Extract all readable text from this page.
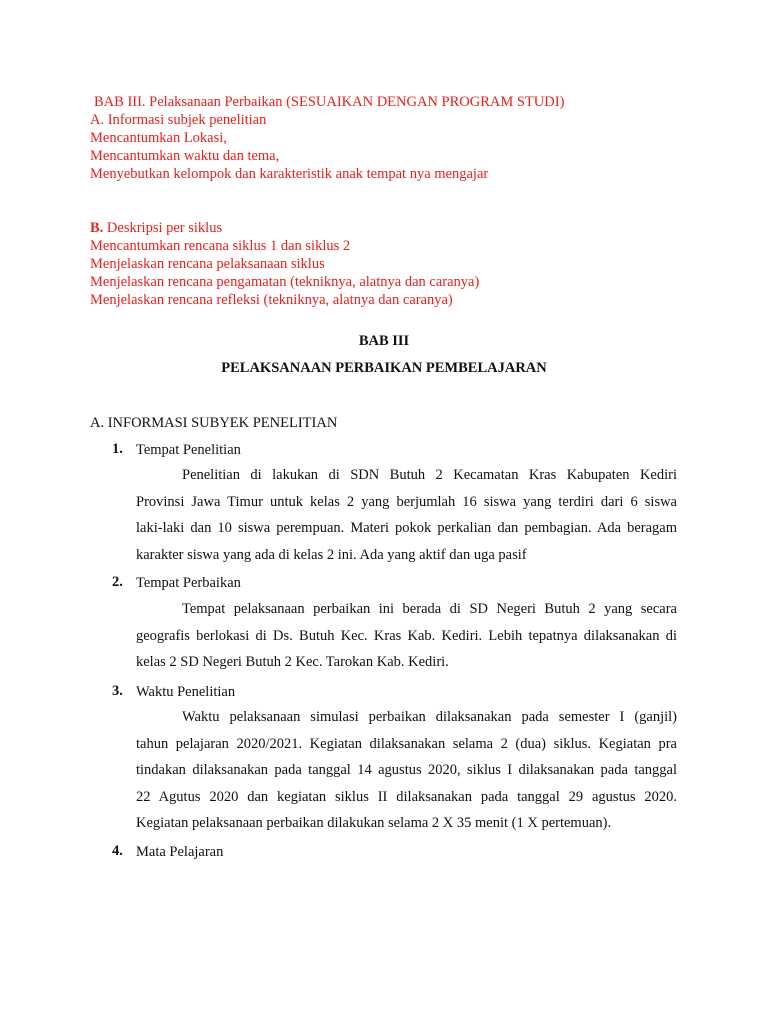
BAB III. Pelaksanaan Perbaikan (SESUAIKAN DENGAN PROGRAM STUDI)
A. Informasi subjek penelitian
Mencantumkan Lokasi,
Mencantumkan waktu dan tema,
Menyebutkan kelompok dan karakteristik anak tempat nya mengajar
B. Deskripsi per siklus
Mencantumkan rencana siklus 1 dan siklus 2
Menjelaskan rencana pelaksanaan siklus
Menjelaskan rencana pengamatan (tekniknya, alatnya dan caranya)
Menjelaskan rencana refleksi (tekniknya, alatnya dan caranya)
BAB III
PELAKSANAAN PERBAIKAN PEMBELAJARAN
A. INFORMASI SUBYEK PENELITIAN
1. Tempat Penelitian
Penelitian di lakukan di SDN Butuh 2 Kecamatan Kras Kabupaten Kediri
Provinsi Jawa Timur untuk kelas 2 yang berjumlah 16 siswa yang terdiri dari 6 siswa
laki-laki dan 10 siswa perempuan. Materi pokok perkalian dan pembagian. Ada beragam
karakter siswa yang ada di kelas 2 ini. Ada yang aktif dan uga pasif
2. Tempat Perbaikan
Tempat pelaksanaan perbaikan ini berada di SD Negeri Butuh 2 yang secara
geografis berlokasi di Ds. Butuh Kec. Kras Kab. Kediri. Lebih tepatnya dilaksanakan di
kelas 2 SD Negeri Butuh 2 Kec. Tarokan Kab. Kediri.
3. Waktu Penelitian
Waktu pelaksanaan simulasi perbaikan dilaksanakan pada semester I (ganjil)
tahun pelajaran 2020/2021. Kegiatan dilaksanakan selama 2 (dua) siklus. Kegiatan pra
tindakan dilaksanakan pada tanggal 14 agustus 2020, siklus I dilaksanakan pada tanggal
22 Agutus 2020 dan kegiatan siklus II dilaksanakan pada tanggal 29 agustus 2020.
Kegiatan pelaksanaan perbaikan dilakukan selama 2 X 35 menit (1 X pertemuan).
4. Mata Pelajaran
